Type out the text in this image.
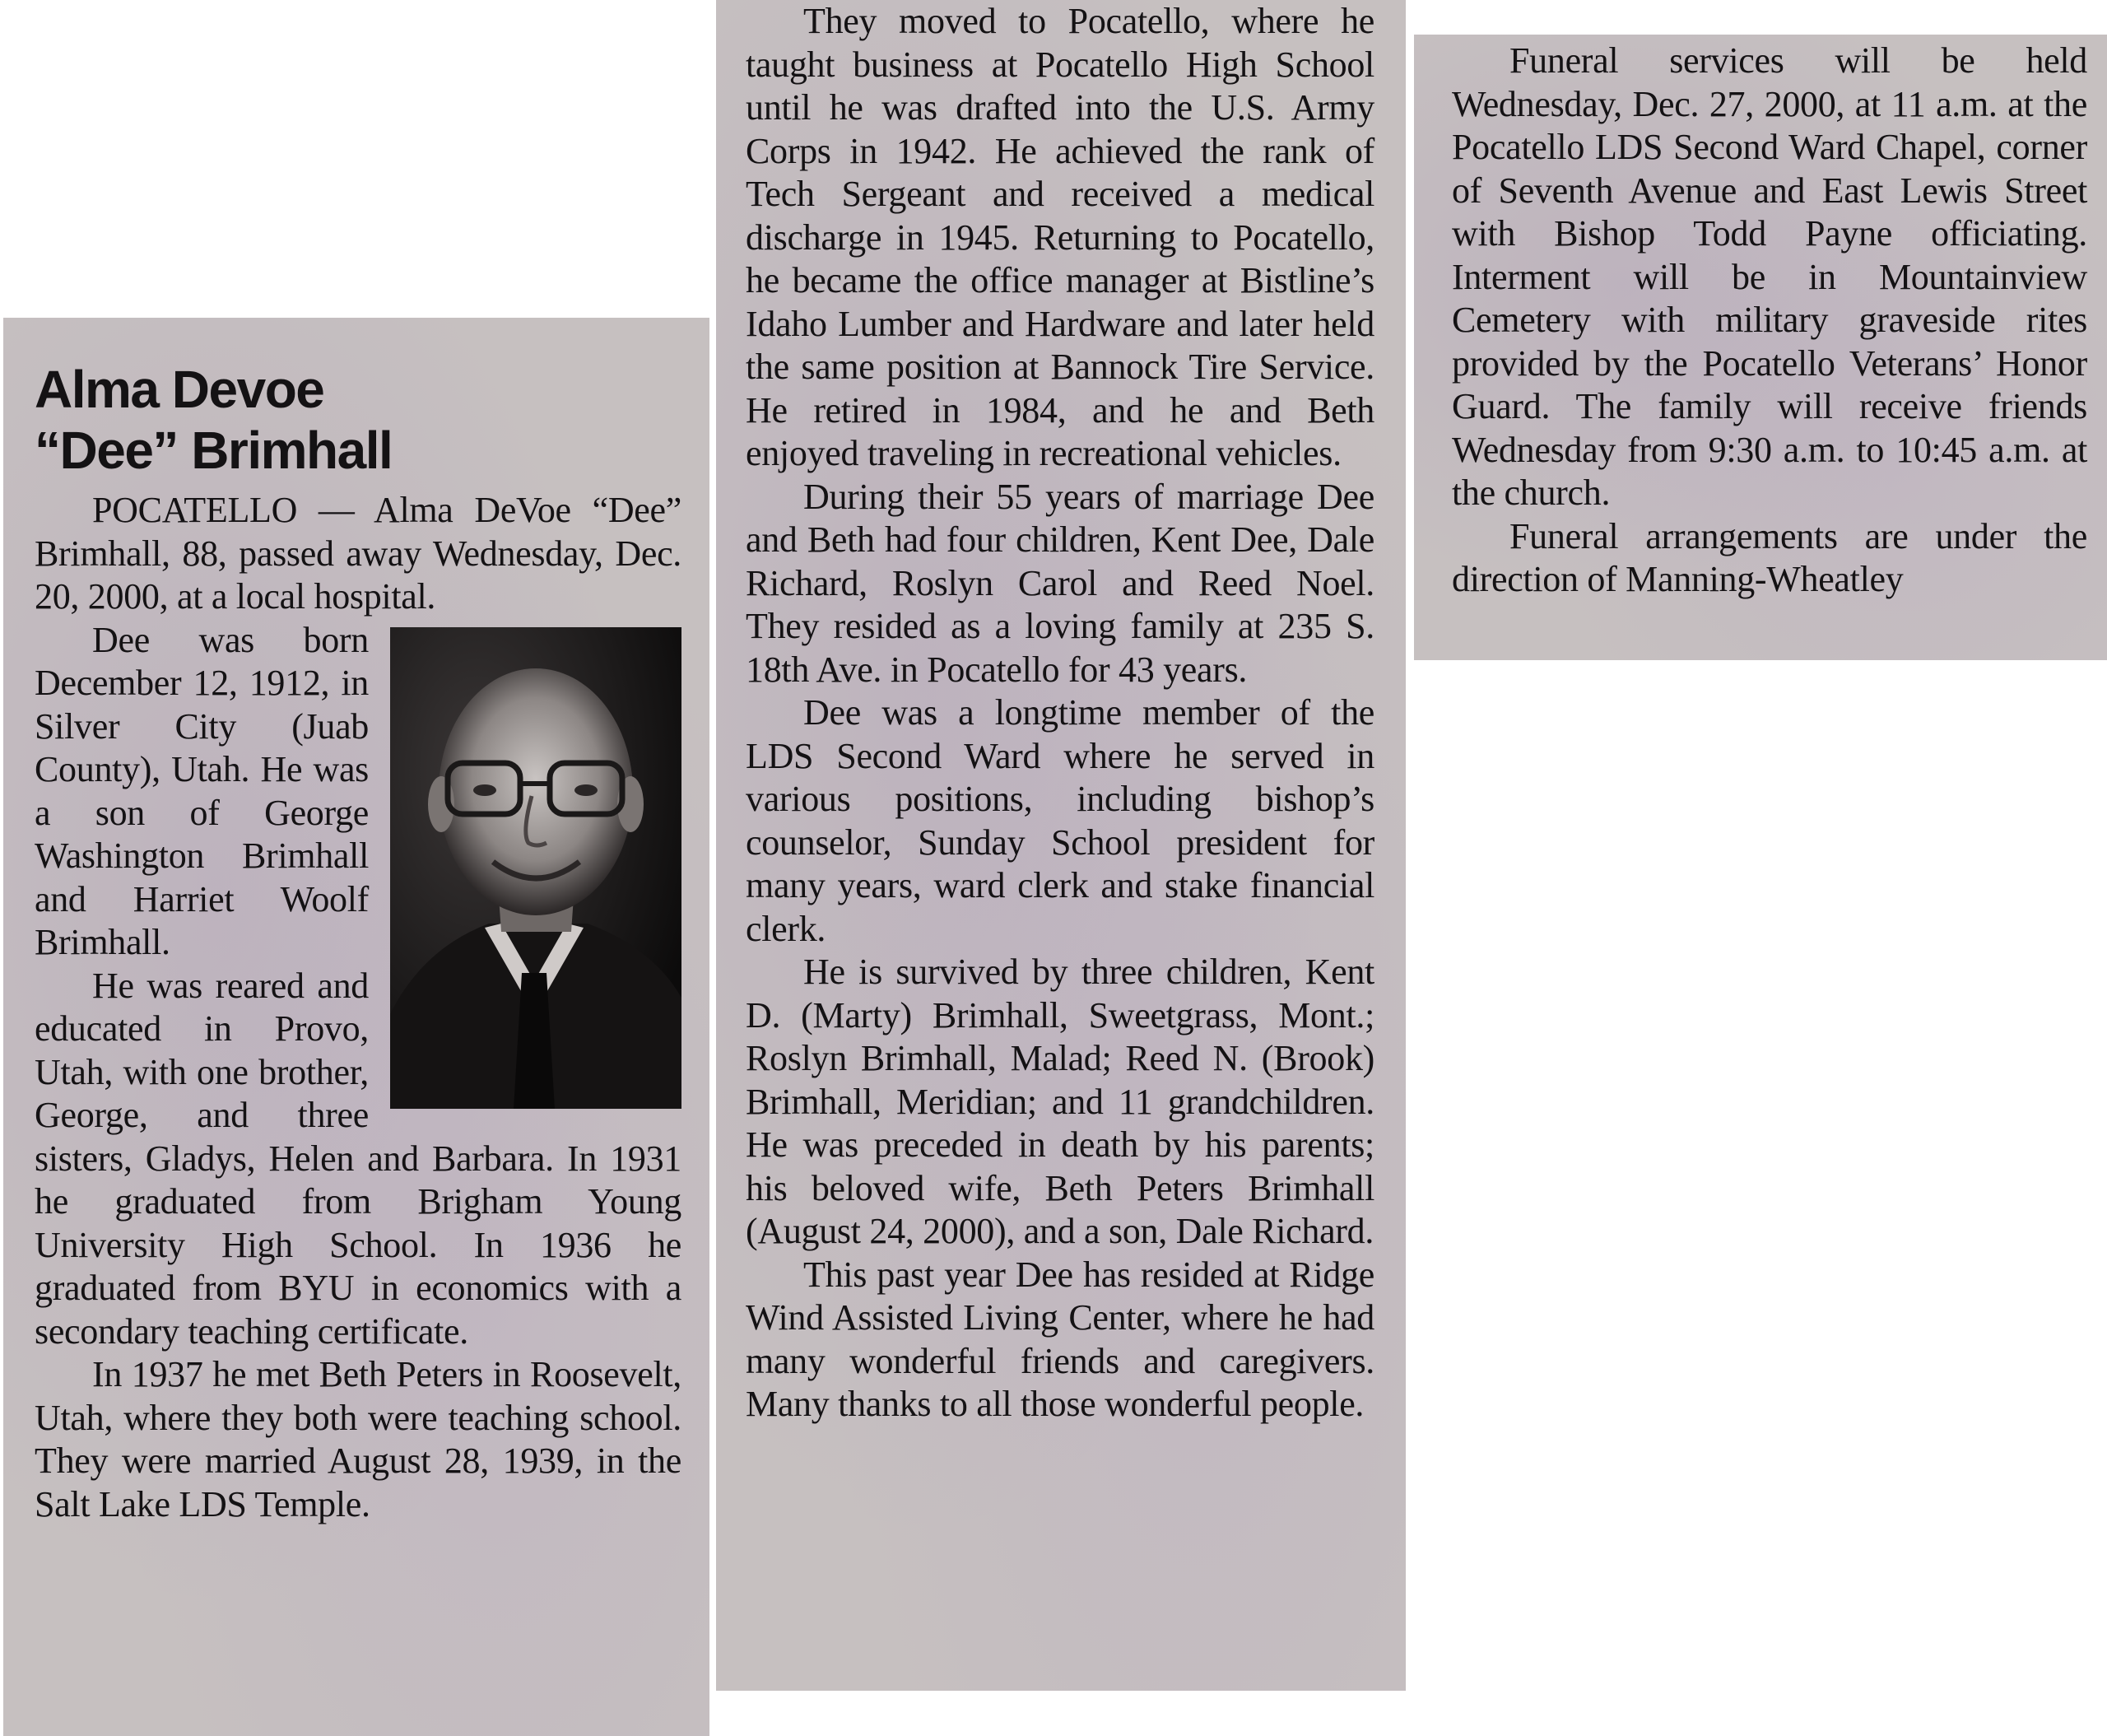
Alma Devoe
“Dee” Brimhall

POCATELLO — Alma DeVoe “Dee” Brimhall, 88, passed away Wednesday, Dec. 20, 2000, at a local hospital.

Dee was born December 12, 1912, in Silver City (Juab County), Utah. He was a son of George Washington Brimhall and Harriet Woolf Brimhall.

He was reared and educated in Provo, Utah, with one brother, George, and three sisters, Gladys, Helen and Barbara. In 1931 he graduated from Brigham Young University High School. In 1936 he graduated from BYU in economics with a secondary teaching certificate.

In 1937 he met Beth Peters in Roosevelt, Utah, where they both were teaching school. They were married August 28, 1939, in the Salt Lake LDS Temple.

They moved to Pocatello, where he taught business at Pocatello High School until he was drafted into the U.S. Army Corps in 1942. He achieved the rank of Tech Sergeant and received a medical discharge in 1945. Returning to Pocatello, he became the office manager at Bistline’s Idaho Lumber and Hardware and later held the same position at Bannock Tire Service. He retired in 1984, and he and Beth enjoyed traveling in recreational vehicles.

During their 55 years of marriage Dee and Beth had four children, Kent Dee, Dale Richard, Roslyn Carol and Reed Noel. They resided as a loving family at 235 S. 18th Ave. in Pocatello for 43 years.

Dee was a longtime member of the LDS Second Ward where he served in various positions, including bishop’s counselor, Sunday School president for many years, ward clerk and stake financial clerk.

He is survived by three children, Kent D. (Marty) Brimhall, Sweetgrass, Mont.; Roslyn Brimhall, Malad; Reed N. (Brook) Brimhall, Meridian; and 11 grandchildren. He was preceded in death by his parents; his beloved wife, Beth Peters Brimhall (August 24, 2000), and a son, Dale Richard.

This past year Dee has resided at Ridge Wind Assisted Living Center, where he had many wonderful friends and caregivers. Many thanks to all those wonderful people.

Funeral services will be held Wednesday, Dec. 27, 2000, at 11 a.m. at the Pocatello LDS Second Ward Chapel, corner of Seventh Avenue and East Lewis Street with Bishop Todd Payne officiating. Interment will be in Mountainview Cemetery with military graveside rites provided by the Pocatello Veterans’ Honor Guard. The family will receive friends Wednesday from 9:30 a.m. to 10:45 a.m. at the church.

Funeral arrangements are under the direction of Manning-Wheatley
